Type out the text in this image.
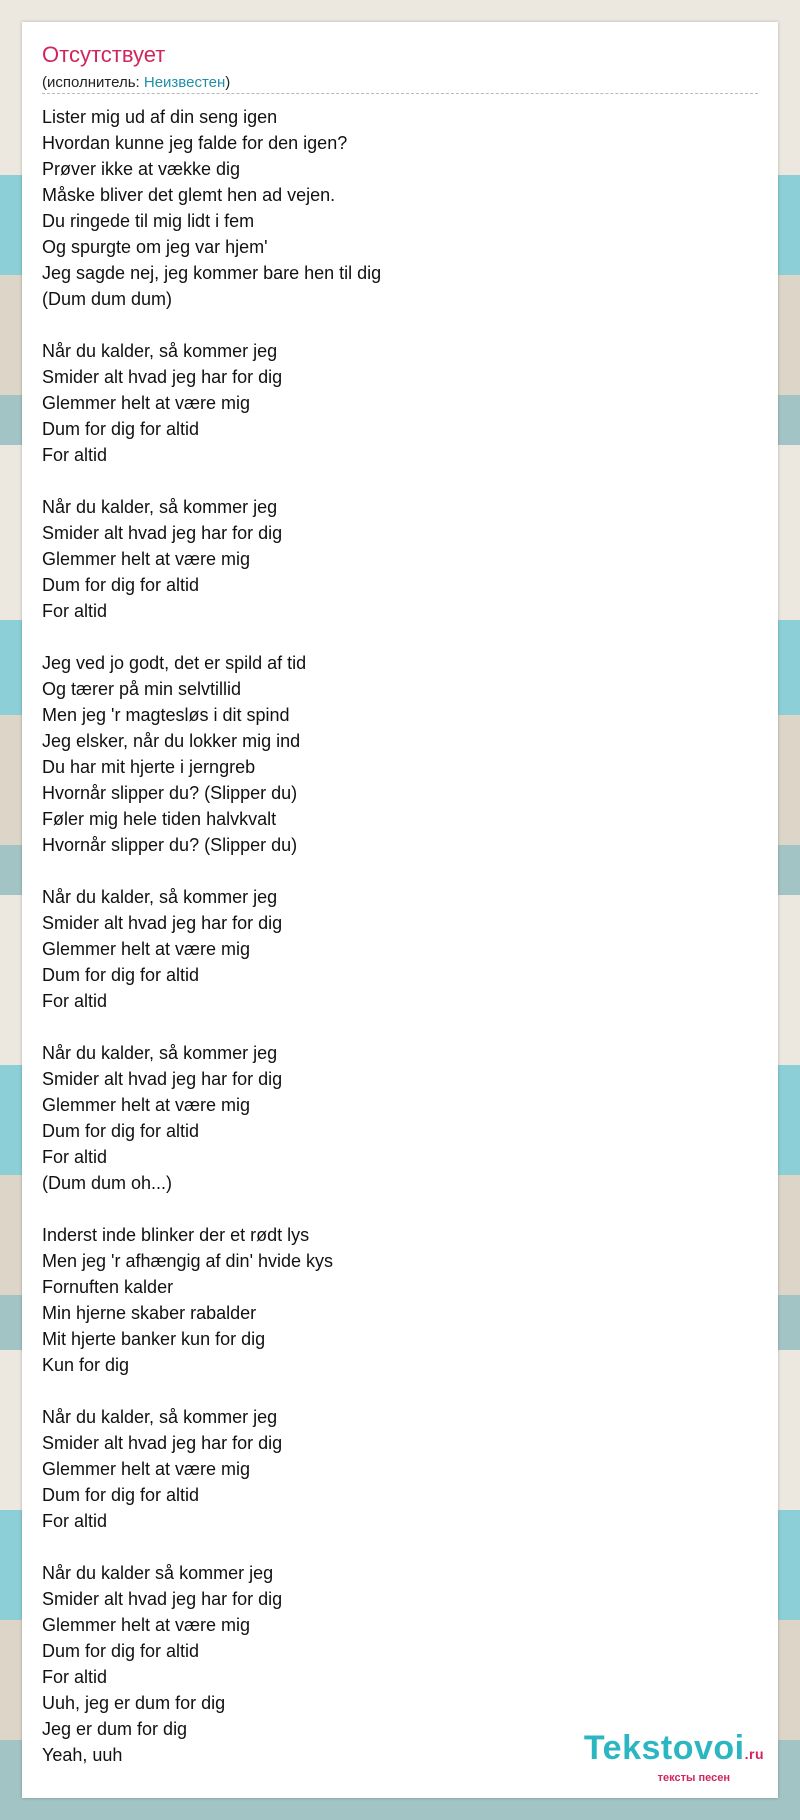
Отсутствует
(исполнитель: Неизвестен)
Lister mig ud af din seng igen
Hvordan kunne jeg falde for den igen?
Prøver ikke at vække dig
Måske bliver det glemt hen ad vejen.
Du ringede til mig lidt i fem
Og spurgte om jeg var hjem'
Jeg sagde nej, jeg kommer bare hen til dig
(Dum dum dum)
Når du kalder, så kommer jeg
Smider alt hvad jeg har for dig
Glemmer helt at være mig
Dum for dig for altid
For altid
Når du kalder, så kommer jeg
Smider alt hvad jeg har for dig
Glemmer helt at være mig
Dum for dig for altid
For altid
Jeg ved jo godt, det er spild af tid
Og tærer på min selvtillid
Men jeg 'r magtesløs i dit spind
Jeg elsker, når du lokker mig ind
Du har mit hjerte i jerngreb
Hvornår slipper du? (Slipper du)
Føler mig hele tiden halvkvalt
Hvornår slipper du? (Slipper du)
Når du kalder, så kommer jeg
Smider alt hvad jeg har for dig
Glemmer helt at være mig
Dum for dig for altid
For altid
Når du kalder, så kommer jeg
Smider alt hvad jeg har for dig
Glemmer helt at være mig
Dum for dig for altid
For altid
(Dum dum oh...)
Inderst inde blinker der et rødt lys
Men jeg 'r afhængig af din' hvide kys
Fornuften kalder
Min hjerne skaber rabalder
Mit hjerte banker kun for dig
Kun for dig
Når du kalder, så kommer jeg
Smider alt hvad jeg har for dig
Glemmer helt at være mig
Dum for dig for altid
For altid
Når du kalder så kommer jeg
Smider alt hvad jeg har for dig
Glemmer helt at være mig
Dum for dig for altid
For altid
Uuh, jeg er dum for dig
Jeg er dum for dig
Yeah, uuh	Tekstovoi.ru
тексты песен
